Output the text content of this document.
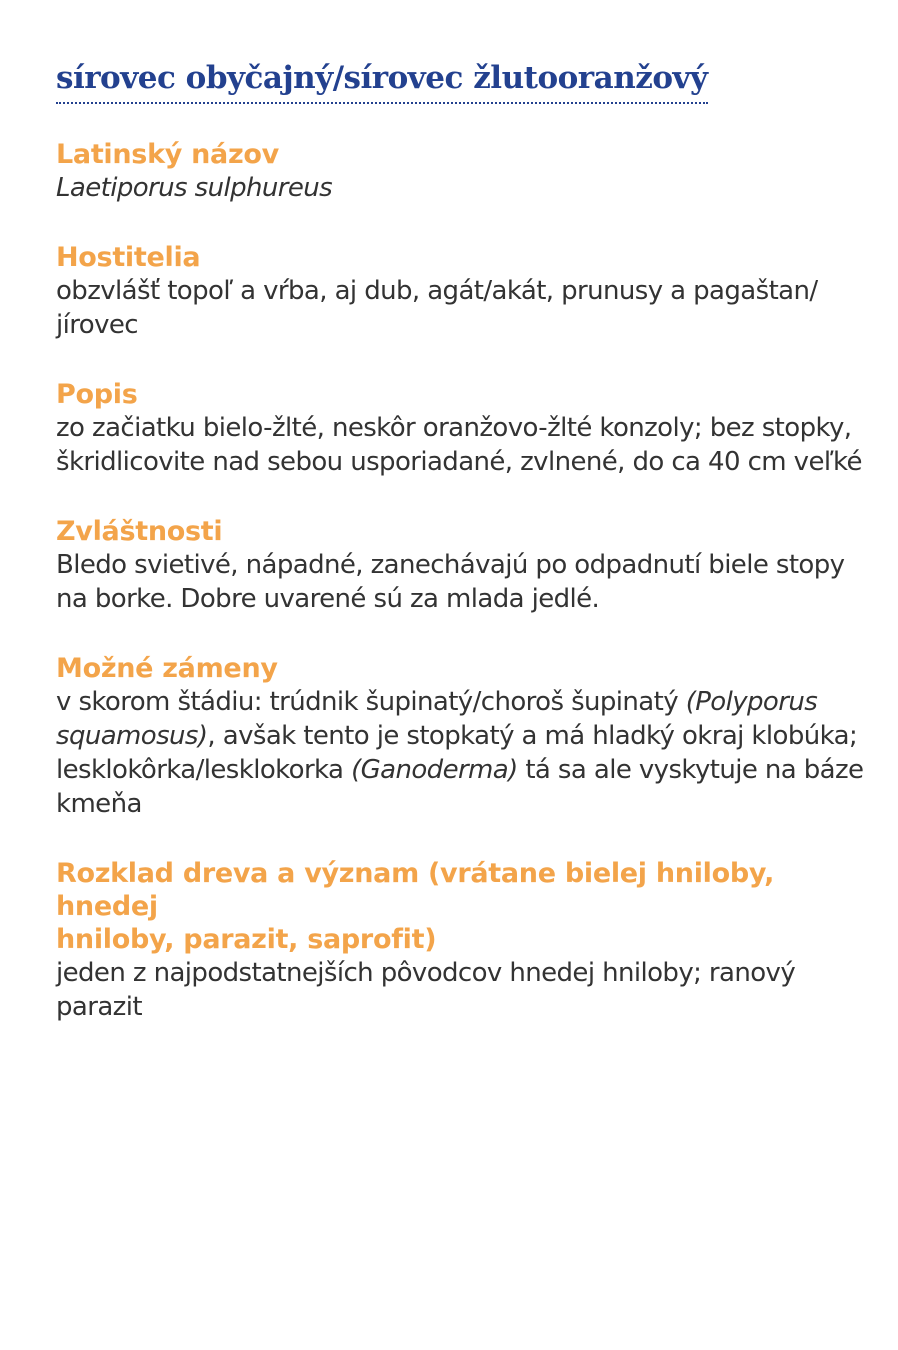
sírovec obyčajný/sírovec žlutooranžový

Latinský názov

Laetiporus sulphureus

Hostitelia

obzvlášť topoľ a vŕba, aj dub, agát/akát, prunusy a pagaštan/
jírovec

Popis

zo začiatku bielo-žlté, neskôr oranžovo-žlté konzoly; bez stopky,
škridlicovite nad sebou usporiadané, zvlnené, do ca 40 cm veľké

Zvláštnosti

Bledo svietivé, nápadné, zanechávajú po odpadnutí biele stopy
na borke. Dobre uvarené sú za mlada jedlé.

Možné zámeny

v skorom štádiu: trúdnik šupinatý/choroš šupinatý (Polyporus
squamosus), avšak tento je stopkatý a má hladký okraj klobúka;
lesklokôrka/lesklokorka (Ganoderma) tá sa ale vyskytuje na báze
kmeňa

Rozklad dreva a význam (vrátane bielej hniloby, hnedej
hniloby, parazit, saprofit)

jeden z najpodstatnejších pôvodcov hnedej hniloby; ranový
parazit
